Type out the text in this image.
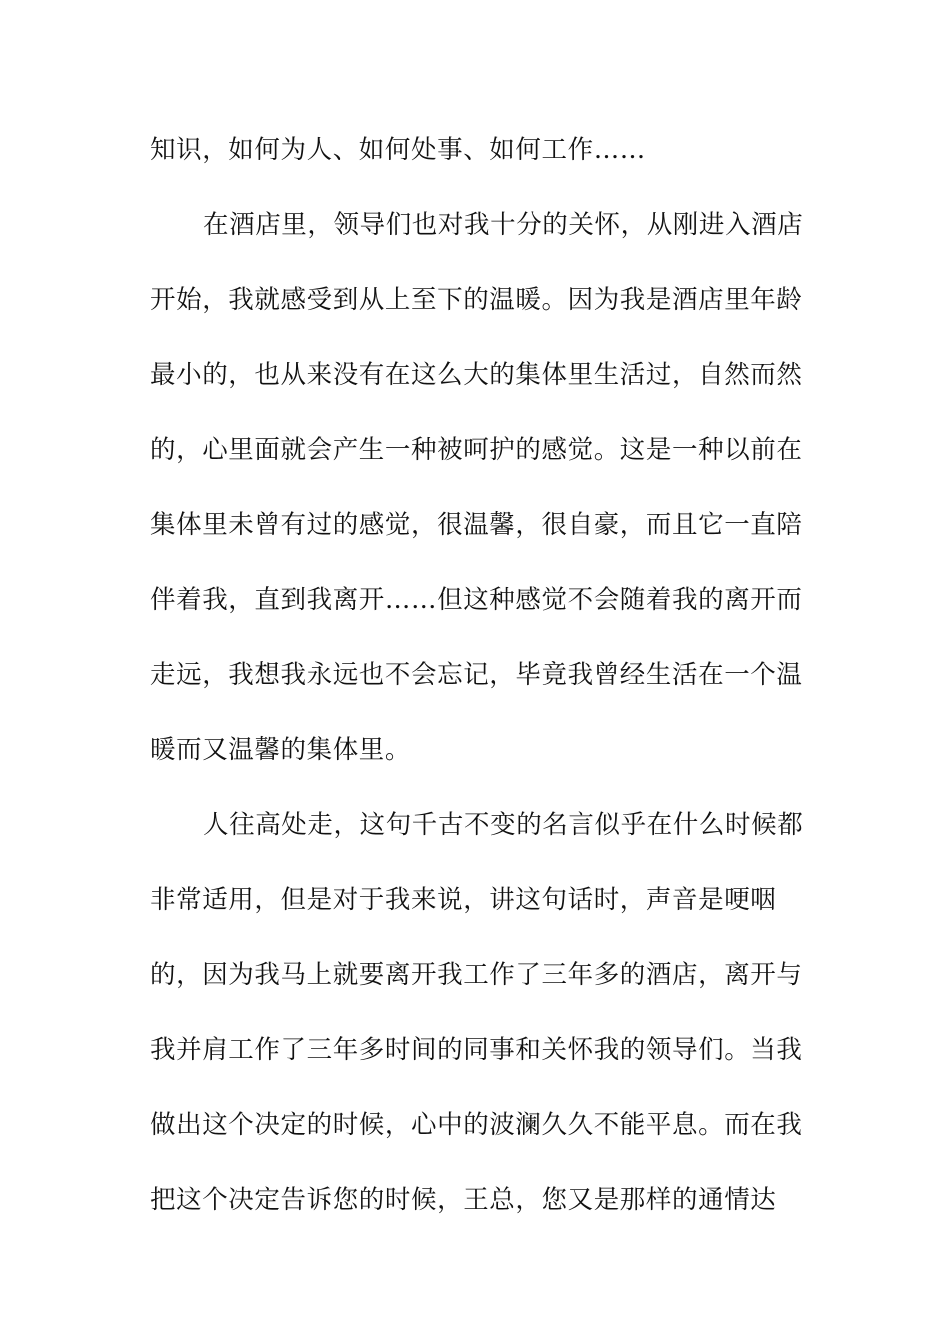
知识，如何为人、如何处事、如何工作……
在酒店里，领导们也对我十分的关怀，从刚进入酒店
开始，我就感受到从上至下的温暖。因为我是酒店里年龄
最小的，也从来没有在这么大的集体里生活过，自然而然
的，心里面就会产生一种被呵护的感觉。这是一种以前在
集体里未曾有过的感觉，很温馨，很自豪，而且它一直陪
伴着我，直到我离开……但这种感觉不会随着我的离开而
走远，我想我永远也不会忘记，毕竟我曾经生活在一个温
暖而又温馨的集体里。
人往高处走，这句千古不变的名言似乎在什么时候都
非常适用，但是对于我来说，讲这句话时，声音是哽咽
的，因为我马上就要离开我工作了三年多的酒店，离开与
我并肩工作了三年多时间的同事和关怀我的领导们。当我
做出这个决定的时候，心中的波澜久久不能平息。而在我
把这个决定告诉您的时候，王总，您又是那样的通情达
